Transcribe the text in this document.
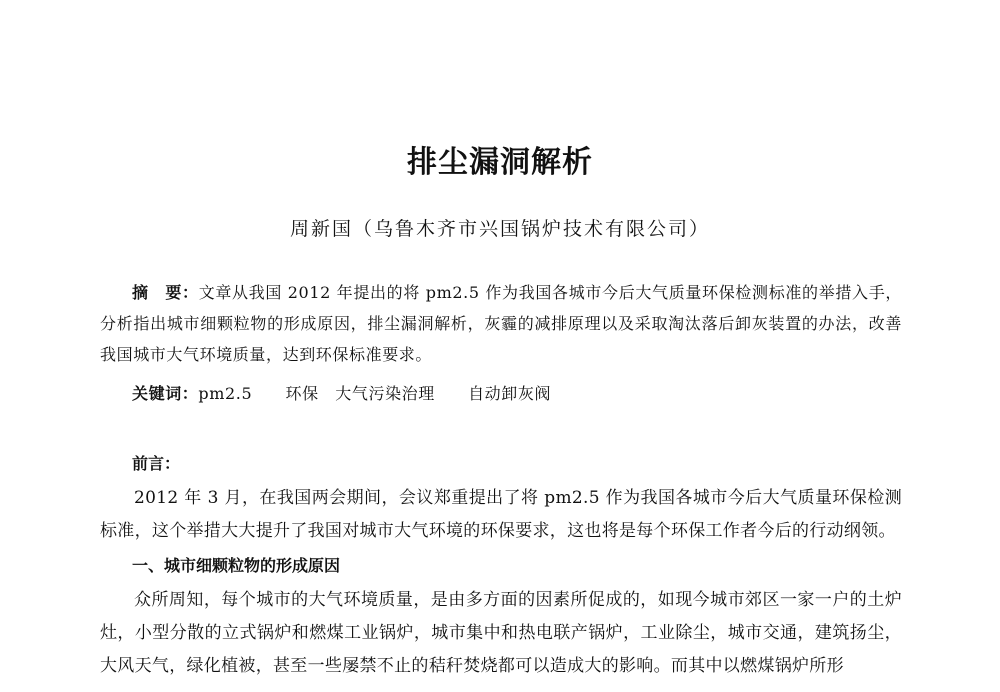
排尘漏洞解析

周新国（乌鲁木齐市兴国锅炉技术有限公司）

摘　要：文章从我国 2012 年提出的将 pm2.5 作为我国各城市今后大气质量环保检测标准的举措入手，分析指出城市细颗粒物的形成原因，排尘漏洞解析，灰霾的减排原理以及采取淘汰落后卸灰装置的办法，改善我国城市大气环境质量，达到环保标准要求。

关键词：pm2.5　　环保　大气污染治理　　自动卸灰阀

前言：

2012 年 3 月，在我国两会期间，会议郑重提出了将 pm2.5 作为我国各城市今后大气质量环保检测标准，这个举措大大提升了我国对城市大气环境的环保要求，这也将是每个环保工作者今后的行动纲领。

一、城市细颗粒物的形成原因

众所周知，每个城市的大气环境质量，是由多方面的因素所促成的，如现今城市郊区一家一户的土炉灶，小型分散的立式锅炉和燃煤工业锅炉，城市集中和热电联产锅炉，工业除尘，城市交通，建筑扬尘，大风天气，绿化植被，甚至一些屡禁不止的秸秆焚烧都可以造成大的影响。而其中以燃煤锅炉所形
